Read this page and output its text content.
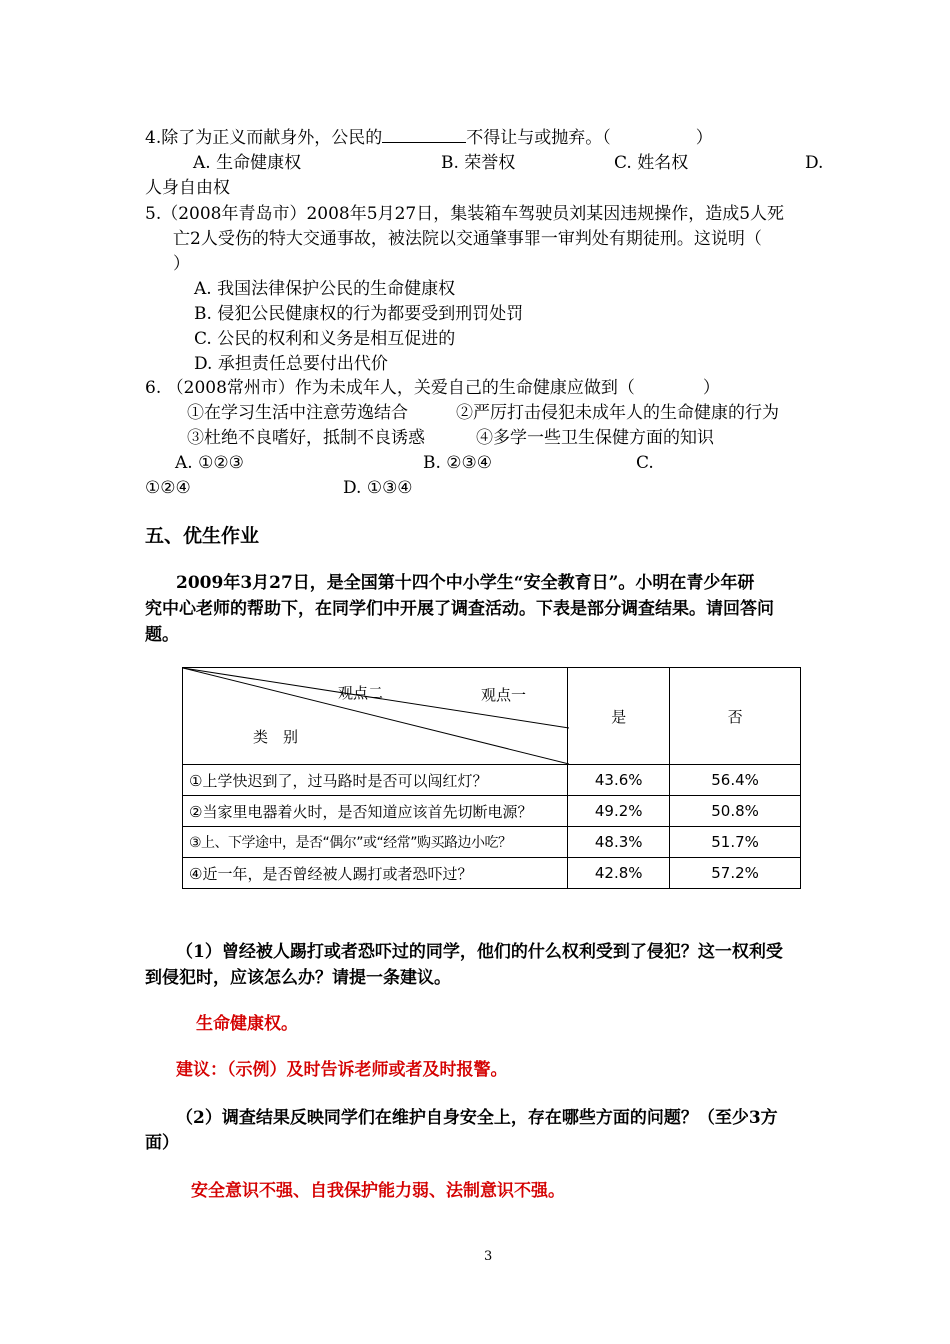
4.除了为正义而献身外，公民的	不得让与或抛弃。（　　　　　）
A. 生命健康权	B. 荣誉权	C. 姓名权	D.
人身自由权
5.（2008年青岛市）2008年5月27日，集装箱车驾驶员刘某因违规操作，造成5人死
亡2人受伤的特大交通事故，被法院以交通肇事罪一审判处有期徒刑。这说明（
）
A. 我国法律保护公民的生命健康权
B. 侵犯公民健康权的行为都要受到刑罚处罚
C. 公民的权利和义务是相互促进的
D. 承担责任总要付出代价
6. （2008常州市）作为未成年人，关爱自己的生命健康应做到（　　　　）
①在学习生活中注意劳逸结合	②严厉打击侵犯未成年人的生命健康的行为
③杜绝不良嗜好，抵制不良诱惑	④多学一些卫生保健方面的知识
A. ①②③	B. ②③④	C.
①②④	D. ①③④
五、优生作业
2009年3月27日，是全国第十四个中小学生“安全教育日”。小明在青少年研
究中心老师的帮助下，在同学们中开展了调查活动。下表是部分调查结果。请回答问
题。
观点二 观点一
类　别	是	否
①上学快迟到了，过马路时是否可以闯红灯？	43.6%	56.4%
②当家里电器着火时，是否知道应该首先切断电源？	49.2%	50.8%
③上、下学途中，是否“偶尔”或“经常”购买路边小吃？	48.3%	51.7%
④近一年，是否曾经被人踢打或者恐吓过？	42.8%	57.2%
（1）曾经被人踢打或者恐吓过的同学，他们的什么权利受到了侵犯？这一权利受
到侵犯时，应该怎么办？请提一条建议。
生命健康权。
建议：（示例）及时告诉老师或者及时报警。
（2）调查结果反映同学们在维护自身安全上，存在哪些方面的问题？（至少3方
面）
安全意识不强、自我保护能力弱、法制意识不强。
3
